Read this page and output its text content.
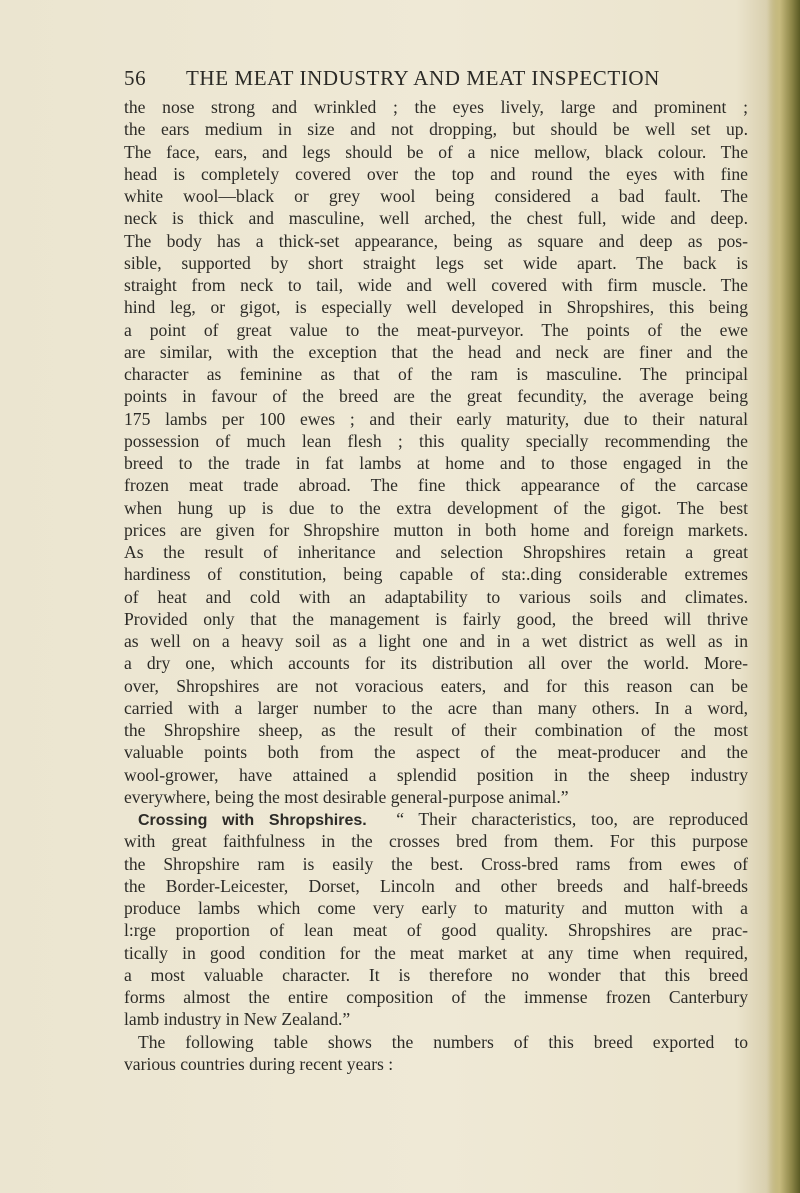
56 THE MEAT INDUSTRY AND MEAT INSPECTION
the nose strong and wrinkled ; the eyes lively, large and prominent ;
the ears medium in size and not dropping, but should be well set up.
The face, ears, and legs should be of a nice mellow, black colour. The
head is completely covered over the top and round the eyes with fine
white wool—black or grey wool being considered a bad fault. The
neck is thick and masculine, well arched, the chest full, wide and deep.
The body has a thick-set appearance, being as square and deep as pos-
sible, supported by short straight legs set wide apart. The back is
straight from neck to tail, wide and well covered with firm muscle. The
hind leg, or gigot, is especially well developed in Shropshires, this being
a point of great value to the meat-purveyor. The points of the ewe
are similar, with the exception that the head and neck are finer and the
character as feminine as that of the ram is masculine. The principal
points in favour of the breed are the great fecundity, the average being
175 lambs per 100 ewes ; and their early maturity, due to their natural
possession of much lean flesh ; this quality specially recommending the
breed to the trade in fat lambs at home and to those engaged in the
frozen meat trade abroad. The fine thick appearance of the carcase
when hung up is due to the extra development of the gigot. The best
prices are given for Shropshire mutton in both home and foreign markets.
As the result of inheritance and selection Shropshires retain a great
hardiness of constitution, being capable of sta:.ding considerable extremes
of heat and cold with an adaptability to various soils and climates.
Provided only that the management is fairly good, the breed will thrive
as well on a heavy soil as a light one and in a wet district as well as in
a dry one, which accounts for its distribution all over the world. More-
over, Shropshires are not voracious eaters, and for this reason can be
carried with a larger number to the acre than many others. In a word,
the Shropshire sheep, as the result of their combination of the most
valuable points both from the aspect of the meat-producer and the
wool-grower, have attained a splendid position in the sheep industry
everywhere, being the most desirable general-purpose animal.”
Crossing with Shropshires. “ Their characteristics, too, are reproduced
with great faithfulness in the crosses bred from them. For this purpose
the Shropshire ram is easily the best. Cross-bred rams from ewes of
the Border-Leicester, Dorset, Lincoln and other breeds and half-breeds
produce lambs which come very early to maturity and mutton with a
l:rge proportion of lean meat of good quality. Shropshires are prac-
tically in good condition for the meat market at any time when required,
a most valuable character. It is therefore no wonder that this breed
forms almost the entire composition of the immense frozen Canterbury
lamb industry in New Zealand.”
The following table shows the numbers of this breed exported to
various countries during recent years :
